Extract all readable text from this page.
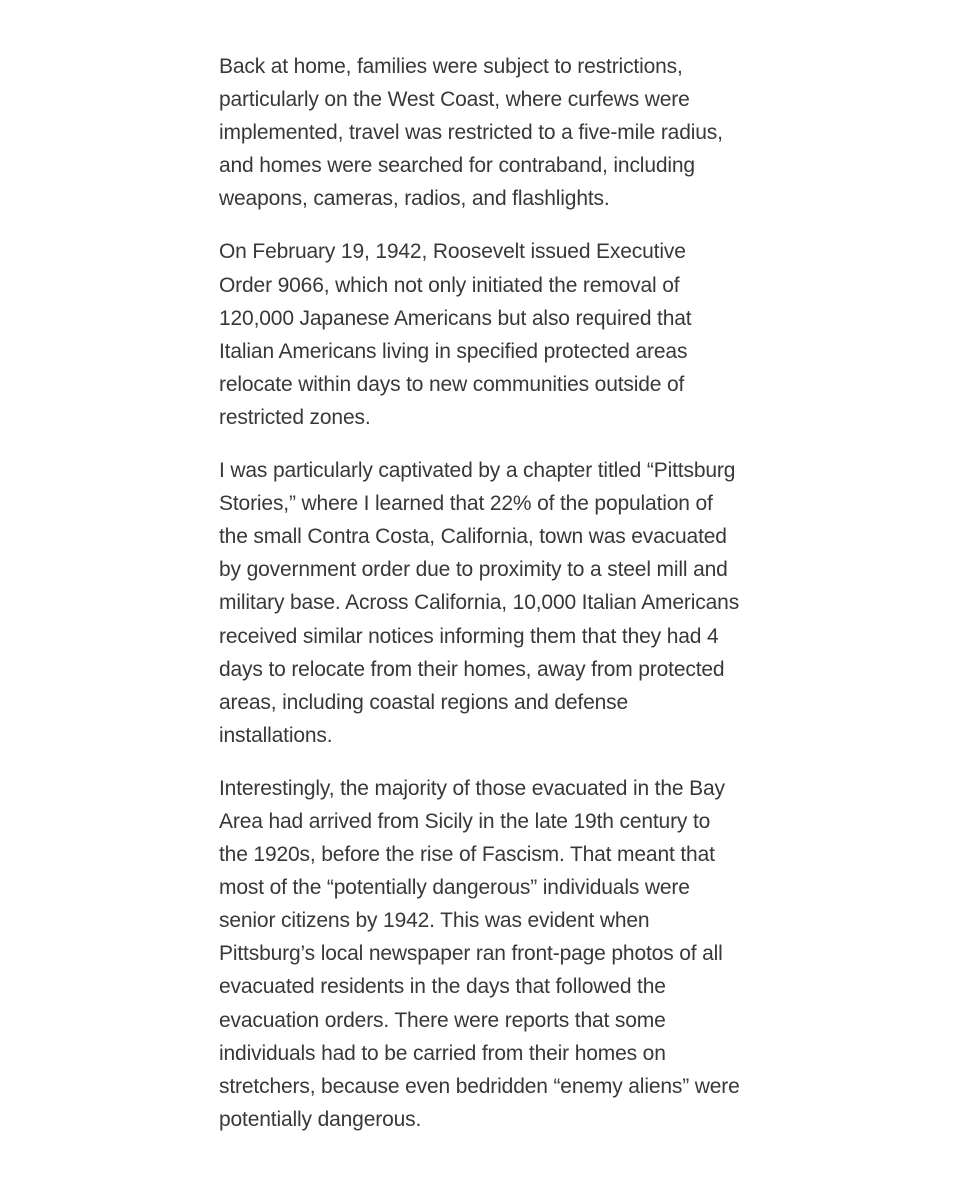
Back at home, families were subject to restrictions, particularly on the West Coast, where curfews were implemented, travel was restricted to a five-mile radius, and homes were searched for contraband, including weapons, cameras, radios, and flashlights.

On February 19, 1942, Roosevelt issued Executive Order 9066, which not only initiated the removal of 120,000 Japanese Americans but also required that Italian Americans living in specified protected areas relocate within days to new communities outside of restricted zones.

I was particularly captivated by a chapter titled “Pittsburg Stories,” where I learned that 22% of the population of the small Contra Costa, California, town was evacuated by government order due to proximity to a steel mill and military base. Across California, 10,000 Italian Americans received similar notices informing them that they had 4 days to relocate from their homes, away from protected areas, including coastal regions and defense installations.

Interestingly, the majority of those evacuated in the Bay Area had arrived from Sicily in the late 19th century to the 1920s, before the rise of Fascism. That meant that most of the “potentially dangerous” individuals were senior citizens by 1942. This was evident when Pittsburg’s local newspaper ran front-page photos of all evacuated residents in the days that followed the evacuation orders. There were reports that some individuals had to be carried from their homes on stretchers, because even bedridden “enemy aliens” were potentially dangerous.
